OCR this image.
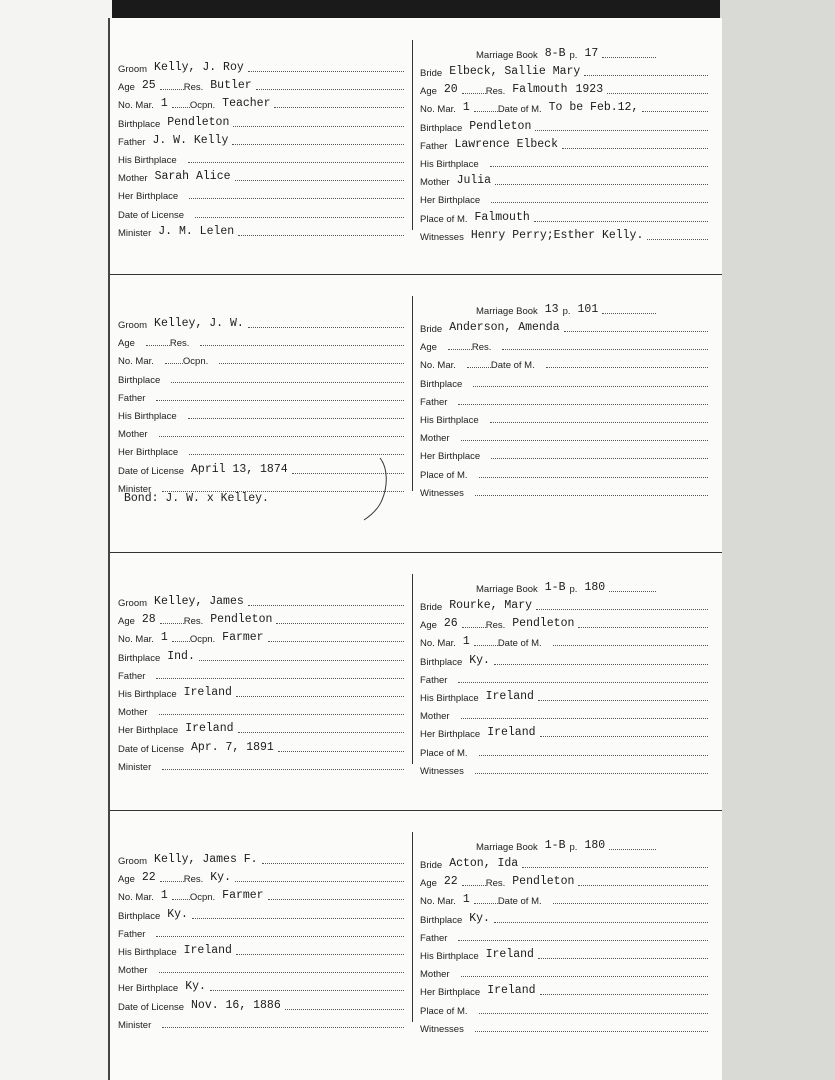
Groom Kelly, J. Roy
Age 25	Res. Butler
No. Mar. 1	Ocpn. Teacher
Birthplace Pendleton
Father J. W. Kelly
His Birthplace
Mother Sarah Alice
Her Birthplace
Date of License
Minister J. M. Lelen
Marriage Book 8-B p. 17
Bride Elbeck, Sallie Mary
Age 20	Res. Falmouth 1923
No. Mar. 1	Date of M. To be Feb.12,
Birthplace Pendleton
Father Lawrence Elbeck
His Birthplace
Mother Julia
Her Birthplace
Place of M. Falmouth
Witnesses Henry Perry;Esther Kelly.
Groom Kelley, J. W.
Age	Res.
No. Mar.	Ocpn.
Birthplace
Father
His Birthplace
Mother
Her Birthplace
Date of License April 13, 1874
Minister
Marriage Book 13 p. 101
Bride Anderson, Amenda
Age	Res.
No. Mar.	Date of M.
Birthplace
Father
His Birthplace
Mother
Her Birthplace
Place of M.
Witnesses
Bond: J. W. x Kelley.
Groom Kelley, James
Age 28	Res. Pendleton
No. Mar. 1	Ocpn. Farmer
Birthplace Ind.
Father
His Birthplace Ireland
Mother
Her Birthplace Ireland
Date of License Apr. 7, 1891
Minister
Marriage Book 1-B p. 180
Bride Rourke, Mary
Age 26	Res. Pendleton
No. Mar. 1	Date of M.
Birthplace Ky.
Father
His Birthplace Ireland
Mother
Her Birthplace Ireland
Place of M.
Witnesses
Groom Kelly, James F.
Age 22	Res. Ky.
No. Mar. 1	Ocpn. Farmer
Birthplace Ky.
Father
His Birthplace Ireland
Mother
Her Birthplace Ky.
Date of License Nov. 16, 1886
Minister
Marriage Book 1-B p. 180
Bride Acton, Ida
Age 22	Res. Pendleton
No. Mar. 1	Date of M.
Birthplace Ky.
Father
His Birthplace Ireland
Mother
Her Birthplace Ireland
Place of M.
Witnesses
